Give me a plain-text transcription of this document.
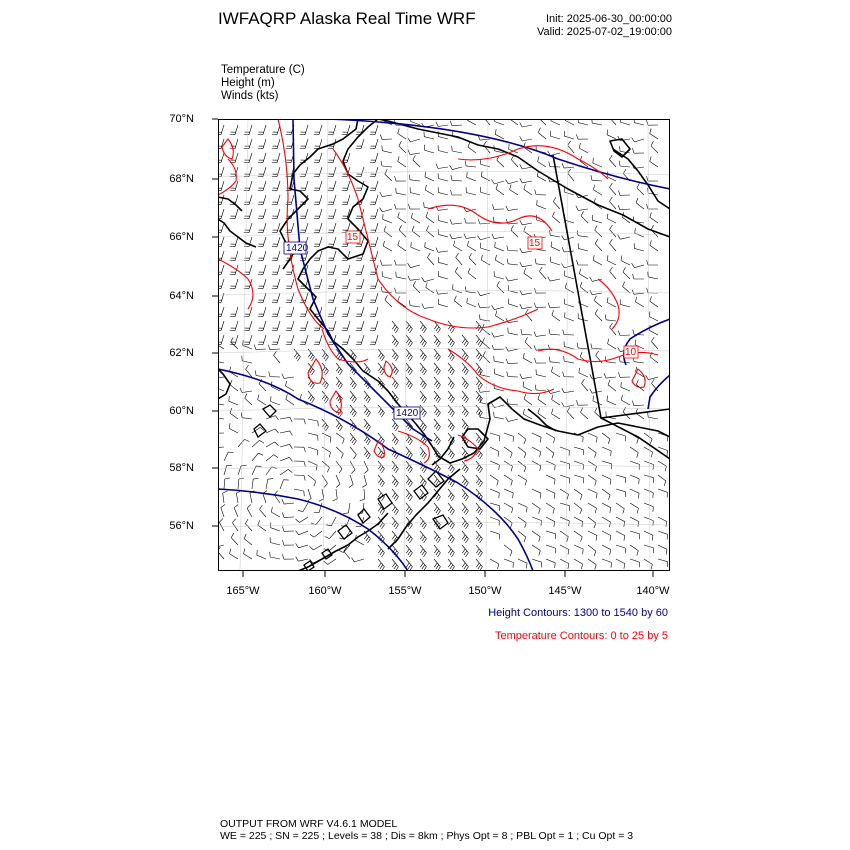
IWFAQRP Alaska Real Time WRF	Init: 2025-06-30_00:00:00
Valid: 2025-07-02_19:00:00
Temperature (C)
Height (m)
Winds (kts)
70°N
68°N
66°N
64°N
62°N
60°N
58°N
56°N
165°W	160°W	155°W	150°W	145°W	140°W
1420
1420
15
15
10
Height Contours: 1300 to 1540 by 60
Temperature Contours: 0 to 25 by 5
OUTPUT FROM WRF V4.6.1 MODEL
WE = 225 ; SN = 225 ; Levels = 38 ; Dis = 8km ; Phys Opt = 8 ; PBL Opt = 1 ; Cu Opt = 3
